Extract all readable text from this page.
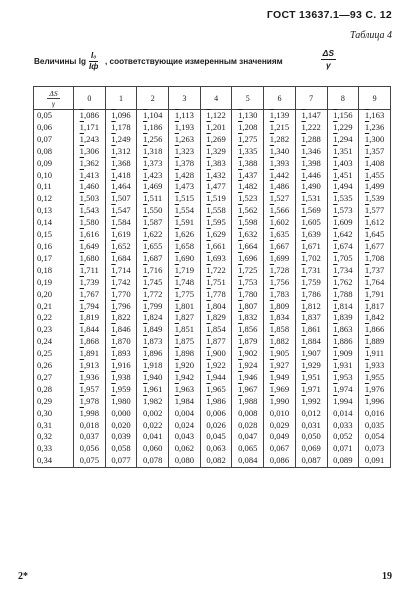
ГОСТ 13637.1—93 С. 12
Таблица 4
Величины lg
I₀
Iф
, соответствующие измеренным значениям	$\frac{\Delta S}{\gamma}$
ΔS
γ	0	1	2	3	4	5	6	7	8	9
0,05	1,086	1,096	1,104	1,113	1,122	1,130	1,139	1,147	1,156	1,163
0,06	1,171	1,178	1,186	1,193	1,201	1,208	1,215	1,222	1,229	1,236
0,07	1,243	1,249	1,256	1,263	1,269	1,275	1,282	1,288	1,294	1,300
0,08	1,306	1,312	1,318	1,323	1,329	1,335	1,340	1,346	1,351	1,357
0,09	1,362	1,368	1,373	1,378	1,383	1,388	1,393	1,398	1,403	1,408
0,10	1,413	1,418	1,423	1,428	1,432	1,437	1,442	1,446	1,451	1,455
0,11	1,460	1,464	1,469	1,473	1,477	1,482	1,486	1,490	1,494	1,499
0,12	1,503	1,507	1,511	1,515	1,519	1,523	1,527	1,531	1,535	1,539
0,13	1,543	1,547	1,550	1,554	1,558	1,562	1,566	1,569	1,573	1,577
0,14	1,580	1,584	1,587	1,591	1,595	1,598	1,602	1,605	1,609	1,612
0,15	1,616	1,619	1,622	1,626	1,629	1,632	1,635	1,639	1,642	1,645
0,16	1,649	1,652	1,655	1,658	1,661	1,664	1,667	1,671	1,674	1,677
0,17	1,680	1,684	1,687	1,690	1,693	1,696	1,699	1,702	1,705	1,708
0,18	1,711	1,714	1,716	1,719	1,722	1,725	1,728	1,731	1,734	1,737
0,19	1,739	1,742	1,745	1,748	1,751	1,753	1,756	1,759	1,762	1,764
0,20	1,767	1,770	1,772	1,775	1,778	1,780	1,783	1,786	1,788	1,791
0,21	1,794	1,796	1,799	1,801	1,804	1,807	1,809	1,812	1,814	1,817
0,22	1,819	1,822	1,824	1,827	1,829	1,832	1,834	1,837	1,839	1,842
0,23	1,844	1,846	1,849	1,851	1,854	1,856	1,858	1,861	1,863	1,866
0,24	1,868	1,870	1,873	1,875	1,877	1,879	1,882	1,884	1,886	1,889
0,25	1,891	1,893	1,896	1,898	1,900	1,902	1,905	1,907	1,909	1,911
0,26	1,913	1,916	1,918	1,920	1,922	1,924	1,927	1,929	1,931	1,933
0,27	1,936	1,938	1,940	1,942	1,944	1,946	1,949	1,951	1,953	1,955
0,28	1,957	1,959	1,961	1,963	1,965	1,967	1,969	1,971	1,974	1,976
0,29	1,978	1,980	1,982	1,984	1,986	1,988	1,990	1,992	1,994	1,996
0,30	1,998	0,000	0,002	0,004	0,006	0,008	0,010	0,012	0,014	0,016
0,31	0,018	0,020	0,022	0,024	0,026	0,028	0,029	0,031	0,033	0,035
0,32	0,037	0,039	0,041	0,043	0,045	0,047	0,049	0,050	0,052	0,054
0,33	0,056	0,058	0,060	0,062	0,063	0,065	0,067	0,069	0,071	0,073
0,34	0,075	0,077	0,078	0,080	0,082	0,084	0,086	0,087	0,089	0,091
2*	19
